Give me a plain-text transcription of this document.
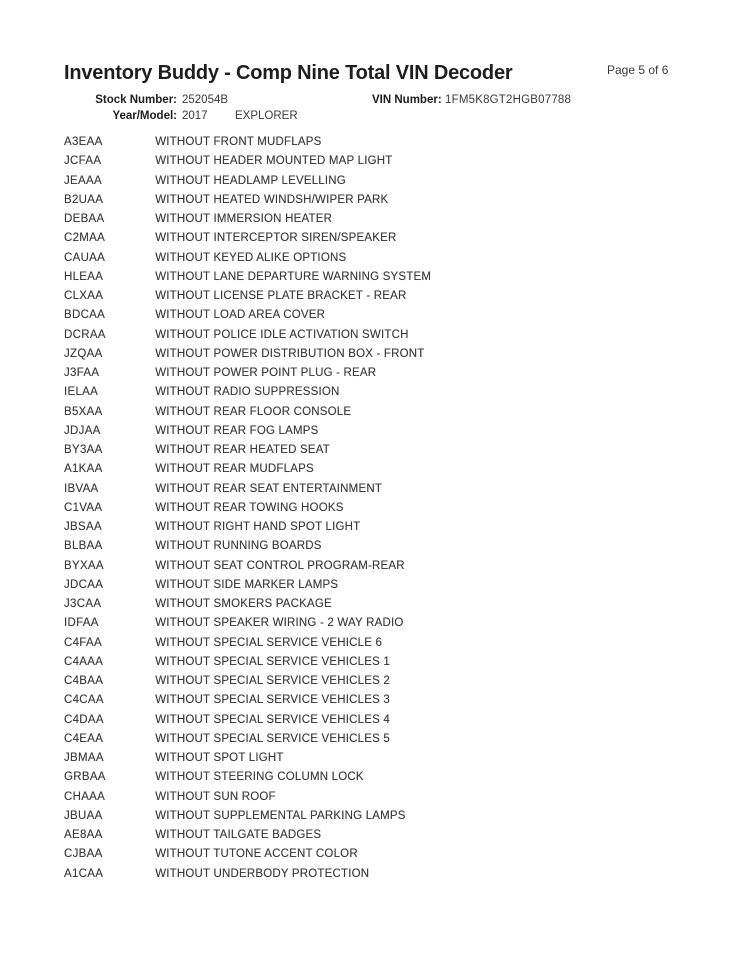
Inventory Buddy - Comp Nine Total VIN Decoder	Page 5 of 6
Stock Number: 252054B	VIN Number: 1FM5K8GT2HGB07788
Year/Model: 2017 EXPLORER
A3EAA	WITHOUT FRONT MUDFLAPS
JCFAA	WITHOUT HEADER MOUNTED MAP LIGHT
JEAAA	WITHOUT HEADLAMP LEVELLING
B2UAA	WITHOUT HEATED WINDSH/WIPER PARK
DEBAA	WITHOUT IMMERSION HEATER
C2MAA	WITHOUT INTERCEPTOR SIREN/SPEAKER
CAUAA	WITHOUT KEYED ALIKE OPTIONS
HLEAA	WITHOUT LANE DEPARTURE WARNING SYSTEM
CLXAA	WITHOUT LICENSE PLATE BRACKET - REAR
BDCAA	WITHOUT LOAD AREA COVER
DCRAA	WITHOUT POLICE IDLE ACTIVATION SWITCH
JZQAA	WITHOUT POWER DISTRIBUTION BOX - FRONT
J3FAA	WITHOUT POWER POINT PLUG - REAR
IELAA	WITHOUT RADIO SUPPRESSION
B5XAA	WITHOUT REAR FLOOR CONSOLE
JDJAA	WITHOUT REAR FOG LAMPS
BY3AA	WITHOUT REAR HEATED SEAT
A1KAA	WITHOUT REAR MUDFLAPS
IBVAA	WITHOUT REAR SEAT ENTERTAINMENT
C1VAA	WITHOUT REAR TOWING HOOKS
JBSAA	WITHOUT RIGHT HAND SPOT LIGHT
BLBAA	WITHOUT RUNNING BOARDS
BYXAA	WITHOUT SEAT CONTROL PROGRAM-REAR
JDCAA	WITHOUT SIDE MARKER LAMPS
J3CAA	WITHOUT SMOKERS PACKAGE
IDFAA	WITHOUT SPEAKER WIRING - 2 WAY RADIO
C4FAA	WITHOUT SPECIAL SERVICE VEHICLE 6
C4AAA	WITHOUT SPECIAL SERVICE VEHICLES 1
C4BAA	WITHOUT SPECIAL SERVICE VEHICLES 2
C4CAA	WITHOUT SPECIAL SERVICE VEHICLES 3
C4DAA	WITHOUT SPECIAL SERVICE VEHICLES 4
C4EAA	WITHOUT SPECIAL SERVICE VEHICLES 5
JBMAA	WITHOUT SPOT LIGHT
GRBAA	WITHOUT STEERING COLUMN LOCK
CHAAA	WITHOUT SUN ROOF
JBUAA	WITHOUT SUPPLEMENTAL PARKING LAMPS
AE8AA	WITHOUT TAILGATE BADGES
CJBAA	WITHOUT TUTONE ACCENT COLOR
A1CAA	WITHOUT UNDERBODY PROTECTION
